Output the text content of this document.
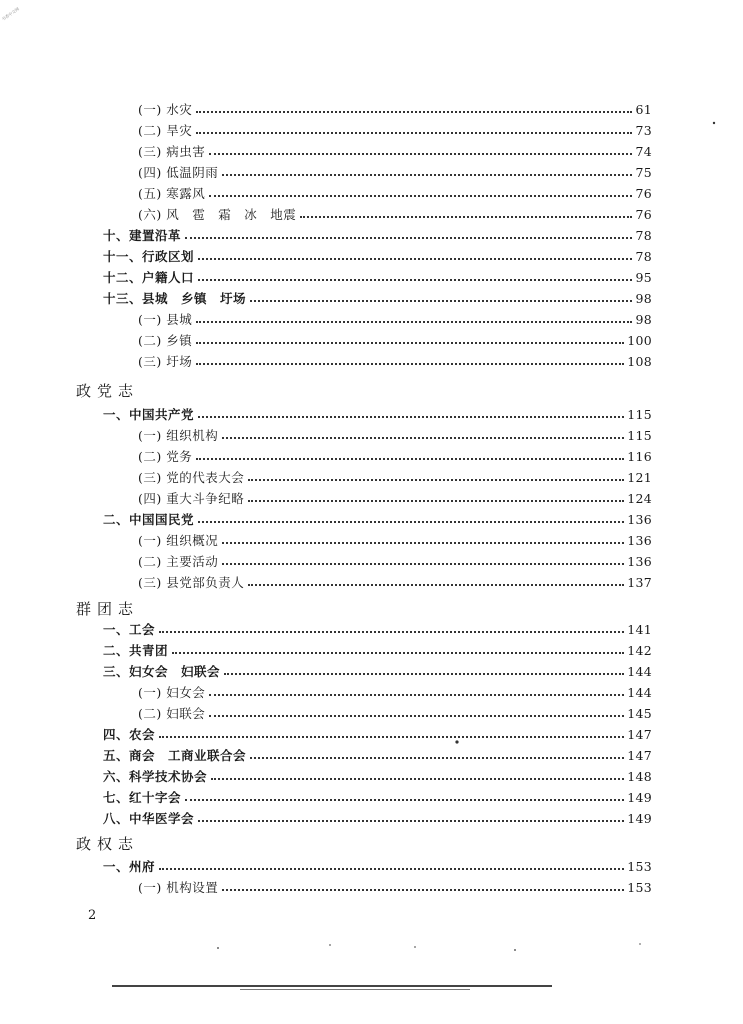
书香中文网
(一) 水灾	61
(二) 旱灾	73
(三) 病虫害	74
(四) 低温阴雨	75
(五) 寒露风	76
(六) 风　雹　霜　冰　地震	76
十、建置沿革	78
十一、行政区划	78
十二、户籍人口	95
十三、县城　乡镇　圩场	98
(一) 县城	98
(二) 乡镇	100
(三) 圩场	108
政党志
一、中国共产党	115
(一) 组织机构	115
(二) 党务	116
(三) 党的代表大会	121
(四) 重大斗争纪略	124
二、中国国民党	136
(一) 组织概况	136
(二) 主要活动	136
(三) 县党部负责人	137
群团志
一、工会	141
二、共青团	142
三、妇女会　妇联会	144
(一) 妇女会	144
(二) 妇联会	145
四、农会	147
五、商会　工商业联合会	147
六、科学技术协会	148
七、红十字会	149
八、中华医学会	149
政权志
一、州府	153
(一) 机构设置	153
2
